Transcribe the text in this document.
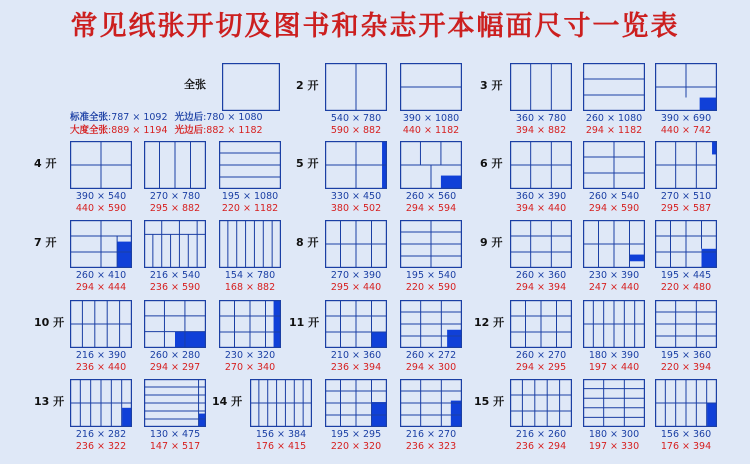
常见纸张开切及图书和杂志开本幅面尺寸一览表
全张
标准全张:787 × 1092 光边后:780 × 1080
大度全张:889 × 1194 光边后:882 × 1182
2 开
540 × 780
590 × 882
390 × 1080
440 × 1182
3 开
360 × 780
394 × 882
260 × 1080
294 × 1182
390 × 690
440 × 742
4 开
390 × 540
440 × 590
270 × 780
295 × 882
195 × 1080
220 × 1182
5 开
330 × 450
380 × 502
260 × 560
294 × 594
6 开
360 × 390
394 × 440
260 × 540
294 × 590
270 × 510
295 × 587
7 开
260 × 410
294 × 444
216 × 540
236 × 590
154 × 780
168 × 882
8 开
270 × 390
295 × 440
195 × 540
220 × 590
9 开
260 × 360
294 × 394
230 × 390
247 × 440
195 × 445
220 × 480
10 开
216 × 390
236 × 440
260 × 280
294 × 297
230 × 320
270 × 340
11 开
210 × 360
236 × 394
260 × 272
294 × 300
12 开
260 × 270
294 × 295
180 × 390
197 × 440
195 × 360
220 × 394
13 开
216 × 282
236 × 322
130 × 475
147 × 517
14 开
156 × 384
176 × 415
195 × 295
220 × 320
216 × 270
236 × 323
15 开
216 × 260
236 × 294
180 × 300
197 × 330
156 × 360
176 × 394
